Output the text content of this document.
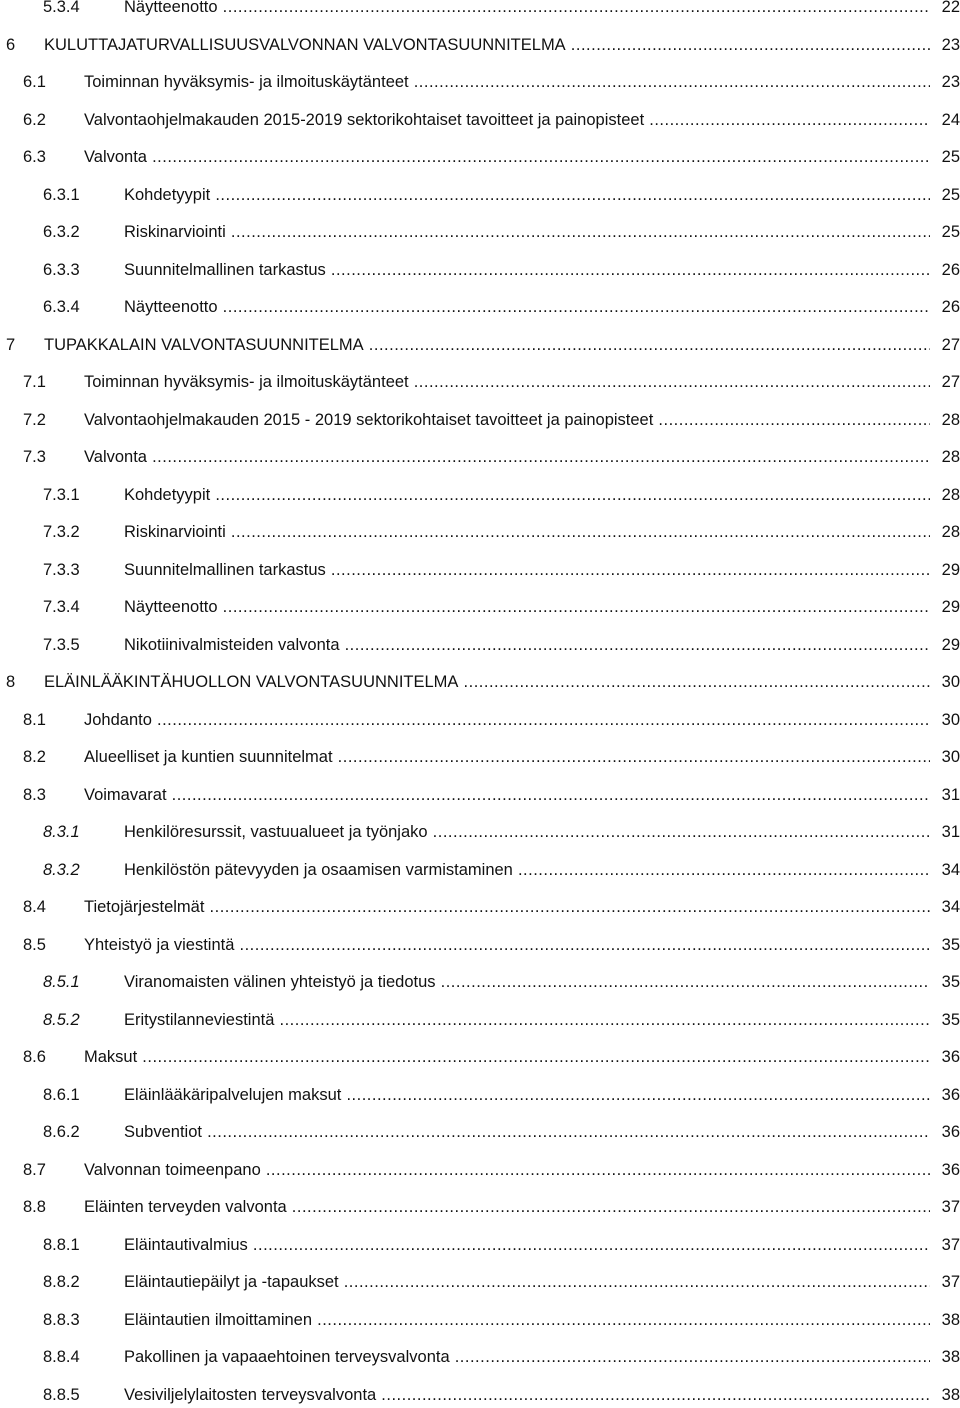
5.3.4	Näytteenotto .....	22
6 KULUTTAJATURVALLISUUSVALVONNAN VALVONTASUUNNITELMA .....	23
6.1 Toiminnan hyväksymis- ja ilmoituskäytänteet .....	23
6.2 Valvontaohjelmakauden 2015-2019 sektorikohtaiset tavoitteet ja painopisteet .....	24
6.3 Valvonta .....	25
6.3.1	Kohdetyypit .....	25
6.3.2	Riskinarviointi .....	25
6.3.3	Suunnitelmallinen tarkastus .....	26
6.3.4	Näytteenotto .....	26
7 TUPAKKALAIN VALVONTASUUNNITELMA .....	27
7.1 Toiminnan hyväksymis- ja ilmoituskäytänteet .....	27
7.2 Valvontaohjelmakauden 2015 - 2019 sektorikohtaiset tavoitteet ja painopisteet .....	28
7.3 Valvonta .....	28
7.3.1	Kohdetyypit .....	28
7.3.2	Riskinarviointi .....	28
7.3.3	Suunnitelmallinen tarkastus .....	29
7.3.4	Näytteenotto .....	29
7.3.5	Nikotiinivalmisteiden valvonta .....	29
8 ELÄINLÄÄKINTÄHUOLLON VALVONTASUUNNITELMA .....	30
8.1 Johdanto .....	30
8.2 Alueelliset ja kuntien suunnitelmat .....	30
8.3 Voimavarat .....	31
8.3.1	Henkilöresurssit, vastuualueet ja työnjako .....	31
8.3.2	Henkilöstön pätevyyden ja osaamisen varmistaminen .....	34
8.4 Tietojärjestelmät .....	34
8.5 Yhteistyö ja viestintä .....	35
8.5.1	Viranomaisten välinen yhteistyö ja tiedotus .....	35
8.5.2	Eritystilanneviestintä .....	35
8.6 Maksut .....	36
8.6.1	Eläinlääkäripalvelujen maksut .....	36
8.6.2	Subventiot .....	36
8.7 Valvonnan toimeenpano .....	36
8.8 Eläinten terveyden valvonta .....	37
8.8.1	Eläintautivalmius .....	37
8.8.2	Eläintautiepäilyt ja -tapaukset .....	37
8.8.3	Eläintautien ilmoittaminen .....	38
8.8.4	Pakollinen ja vapaaehtoinen terveysvalvonta .....	38
8.8.5	Vesiviljelylaitosten terveysvalvonta .....	38
